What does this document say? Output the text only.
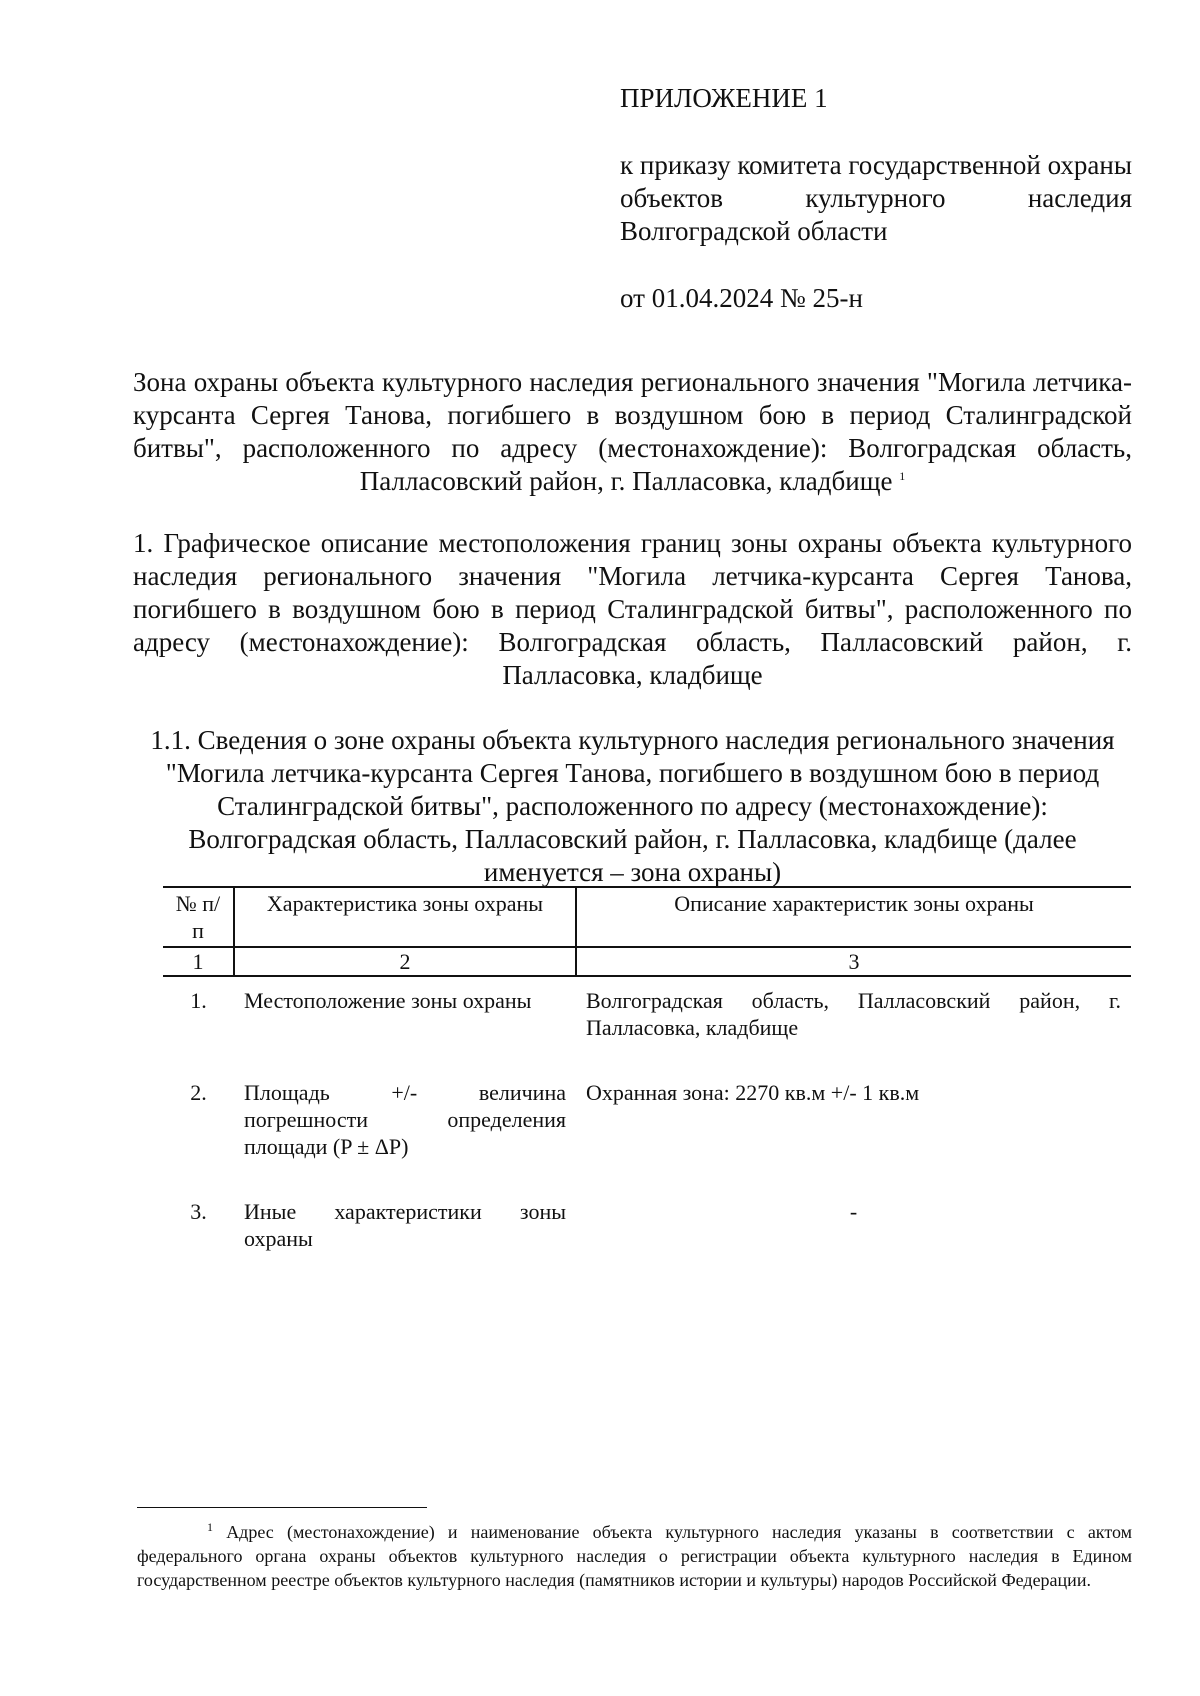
ПРИЛОЖЕНИЕ 1

к приказу комитета государственной охраны объектов культурного наследия Волгоградской области

от 01.04.2024 № 25-н

Зона охраны объекта культурного наследия регионального значения "Могила летчика-курсанта Сергея Танова, погибшего в воздушном бою в период Сталинградской битвы", расположенного по адресу (местонахождение): Волгоградская область, Палласовский район, г. Палласовка, кладбище $^1$

1. Графическое описание местоположения границ зоны охраны объекта культурного наследия регионального значения "Могила летчика-курсанта Сергея Танова, погибшего в воздушном бою в период Сталинградской битвы", расположенного по адресу (местонахождение): Волгоградская область, Палласовский район, г. Палласовка, кладбище

1.1. Сведения о зоне охраны объекта культурного наследия регионального значения "Могила летчика-курсанта Сергея Танова, погибшего в воздушном бою в период Сталинградской битвы", расположенного по адресу (местонахождение): Волгоградская область, Палласовский район, г. Палласовка, кладбище (далее именуется – зона охраны)

№ п/п	Характеристика зоны охраны	Описание характеристик зоны охраны
1	2	3
1.	Местоположение зоны охраны	Волгоградская область, Палласовский район, г. Палласовка, кладбище
2.	Площадь +/- величина погрешности определения площади (P ± ΔP)	Охранная зона: 2270 кв.м +/- 1 кв.м
3.	Иные характеристики зоны охраны	-

$^1$ Адрес (местонахождение) и наименование объекта культурного наследия указаны в соответствии с актом федерального органа охраны объектов культурного наследия о регистрации объекта культурного наследия в Едином государственном реестре объектов культурного наследия (памятников истории и культуры) народов Российской Федерации.
